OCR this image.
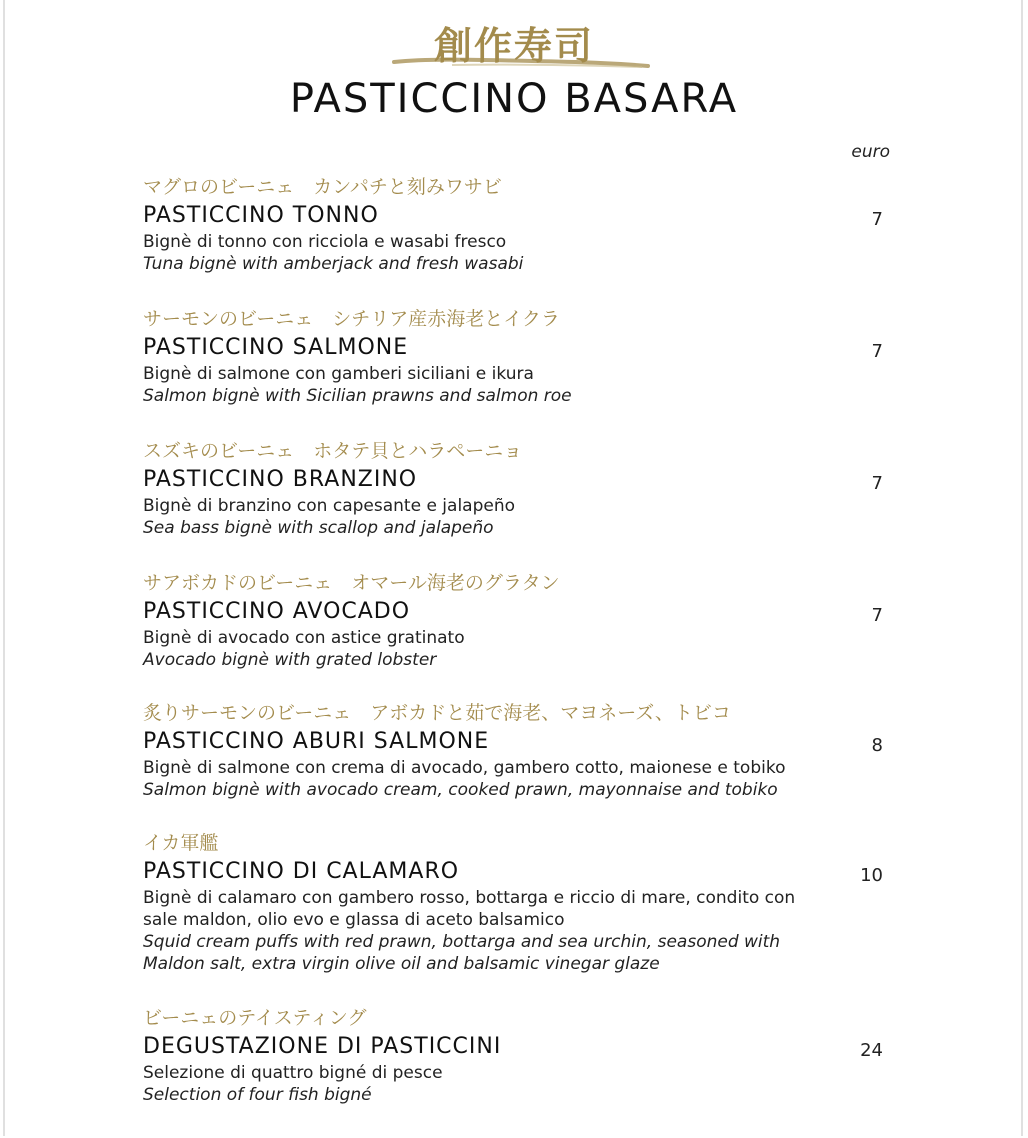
創作寿司
PASTICCINO BASARA
euro
マグロのビーニェ　カンパチと刻みワサビ
PASTICCINO TONNO
Bignè di tonno con ricciola e wasabi fresco
Tuna bignè with amberjack and fresh wasabi
7
サーモンのビーニェ　シチリア産赤海老とイクラ
PASTICCINO SALMONE
Bignè di salmone con gamberi siciliani e ikura
Salmon bignè with Sicilian prawns and salmon roe
7
スズキのビーニェ　ホタテ貝とハラペーニョ
PASTICCINO BRANZINO
Bignè di branzino con capesante e jalapeño
Sea bass bignè with scallop and jalapeño
7
サアボカドのビーニェ　オマール海老のグラタン
PASTICCINO AVOCADO
Bignè di avocado con astice gratinato
Avocado bignè with grated lobster
7
炙りサーモンのビーニェ　アボカドと茹で海老、マヨネーズ、トビコ
PASTICCINO ABURI SALMONE
Bignè di salmone con crema di avocado, gambero cotto, maionese e tobiko
Salmon bignè with avocado cream, cooked prawn, mayonnaise and tobiko
8
イカ軍艦
PASTICCINO DI CALAMARO
Bignè di calamaro con gambero rosso, bottarga e riccio di mare, condito con sale maldon, olio evo e glassa di aceto balsamico
Squid cream puffs with red prawn, bottarga and sea urchin, seasoned with Maldon salt, extra virgin olive oil and balsamic vinegar glaze
10
ビーニェのテイスティング
DEGUSTAZIONE DI PASTICCINI
Selezione di quattro bigné di pesce
Selection of four fish bigné
24
